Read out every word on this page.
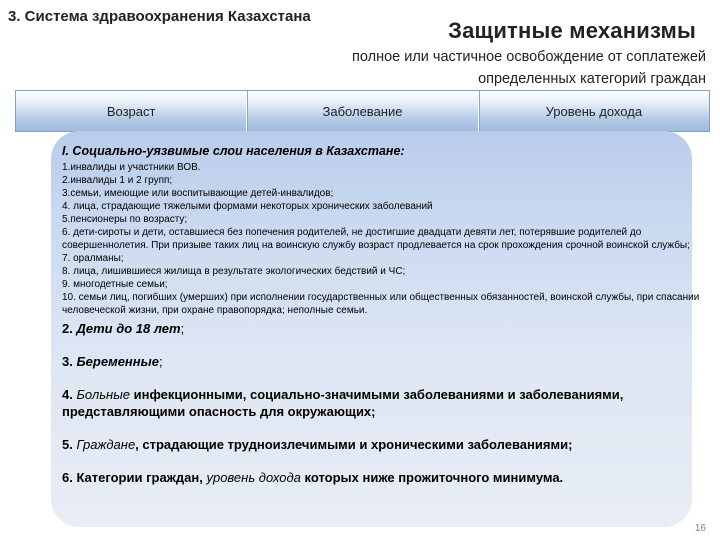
3. Система здравоохранения Казахстана
Защитные механизмы
полное или частичное освобождение от соплатежей определенных категорий граждан
Возраст	Заболевание	Уровень дохода

I. Социально-уязвимые слои населения в Казахстане:

1.инвалиды и участники ВОВ.

2.инвалиды 1 и 2 групп;

3.семьи, имеющие или воспитывающие детей-инвалидов;

4. лица, страдающие тяжелыми формами некоторых хронических заболеваний

5.пенсионеры по возрасту;

6. дети-сироты и дети, оставшиеся без попечения родителей, не достигшие двадцати девяти лет, потерявшие родителей до совершеннолетия. При призыве таких лиц на воинскую службу возраст продлевается на срок прохождения срочной воинской службы;

7. оралманы;

8. лица, лишившиеся жилища в результате экологических бедствий и ЧС;

9. многодетные семьи;

10. семьи лиц, погибших (умерших) при исполнении государственных или общественных обязанностей, воинской службы, при спасании человеческой жизни, при охране правопорядка; неполные семьи.

2. Дети до 18 лет;

3. Беременные;

4. Больные инфекционными, социально-значимыми заболеваниями и заболеваниями, представляющими опасность для окружающих;

5. Граждане, страдающие трудноизлечимыми и хроническими заболеваниями;

6. Категории граждан, уровень дохода которых ниже прожиточного минимума.

16
